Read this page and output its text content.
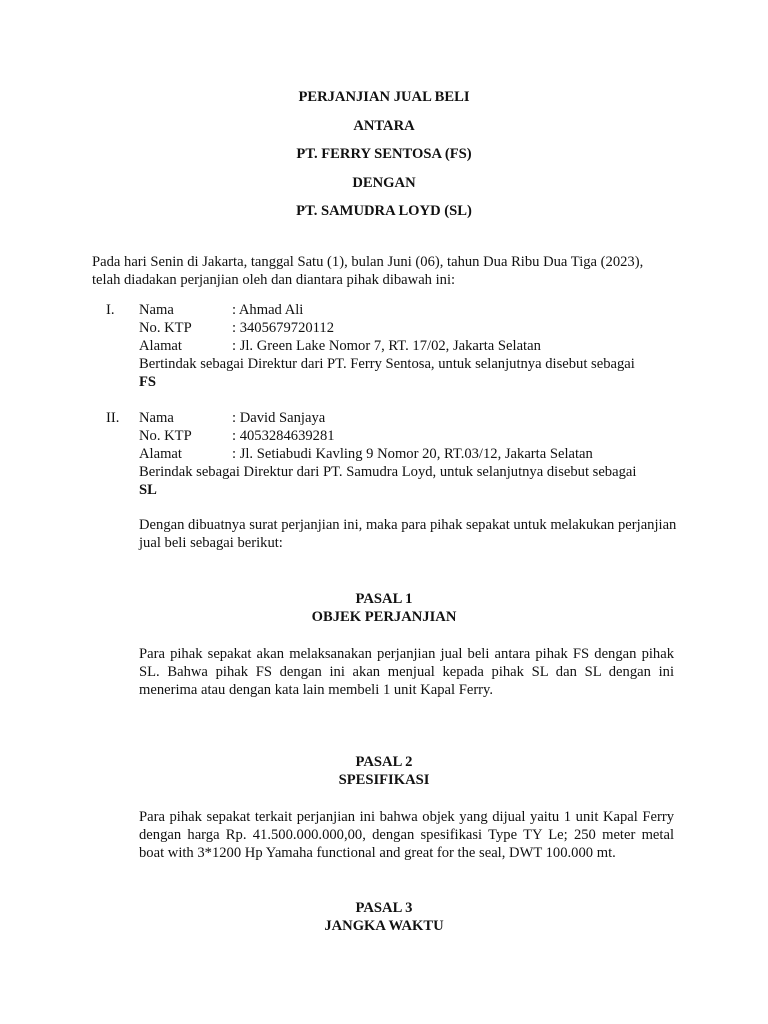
PERJANJIAN JUAL BELI
ANTARA
PT. FERRY SENTOSA (FS)
DENGAN
PT. SAMUDRA LOYD (SL)
Pada hari Senin di Jakarta, tanggal Satu (1), bulan Juni (06), tahun Dua Ribu Dua Tiga (2023), telah diadakan perjanjian oleh dan diantara pihak dibawah ini:
I. Nama	: Ahmad Ali
No. KTP	: 3405679720112
Alamat	: Jl. Green Lake Nomor 7, RT. 17/02, Jakarta Selatan
Bertindak sebagai Direktur dari PT. Ferry Sentosa, untuk selanjutnya disebut sebagai
FS
II. Nama	: David Sanjaya
No. KTP	: 4053284639281
Alamat	: Jl. Setiabudi Kavling 9 Nomor 20, RT.03/12, Jakarta Selatan
Berindak sebagai Direktur dari PT. Samudra Loyd, untuk selanjutnya disebut sebagai
SL
Dengan dibuatnya surat perjanjian ini, maka para pihak sepakat untuk melakukan perjanjian jual beli sebagai berikut:
PASAL 1
OBJEK PERJANJIAN
Para pihak sepakat akan melaksanakan perjanjian jual beli antara pihak FS dengan pihak SL. Bahwa pihak FS dengan ini akan menjual kepada pihak SL dan SL dengan ini menerima atau dengan kata lain membeli 1 unit Kapal Ferry.
PASAL 2
SPESIFIKASI
Para pihak sepakat terkait perjanjian ini bahwa objek yang dijual yaitu 1 unit Kapal Ferry dengan harga Rp. 41.500.000.000,00, dengan spesifikasi Type TY Le; 250 meter metal boat with 3*1200 Hp Yamaha functional and great for the seal, DWT 100.000 mt.
PASAL 3
JANGKA WAKTU
